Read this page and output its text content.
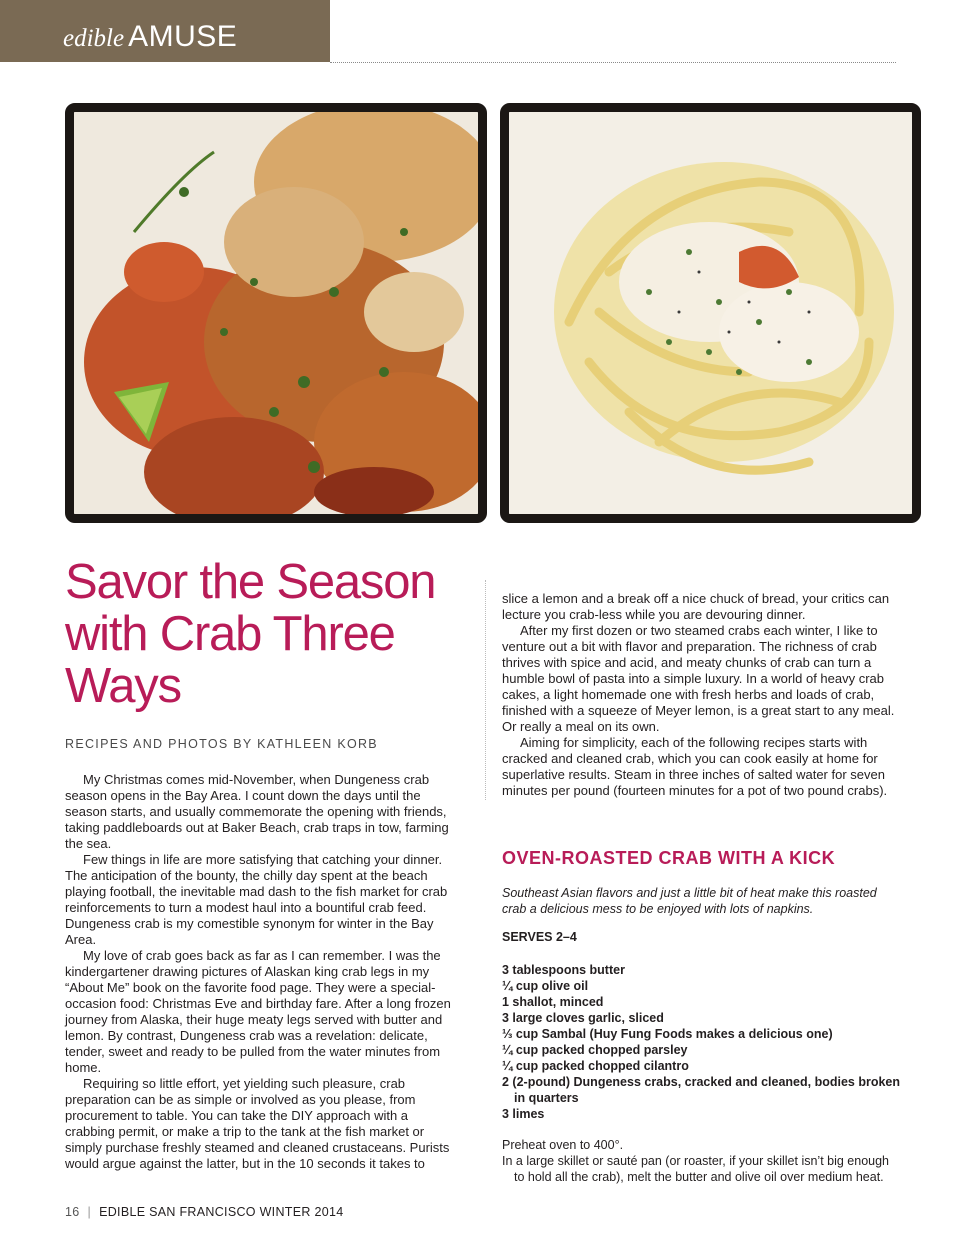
edible AMUSE
Savor the Season with Crab Three Ways
RECIPES AND PHOTOS BY KATHLEEN KORB

My Christmas comes mid-November, when Dungeness crab season opens in the Bay Area. I count down the days until the season starts, and usually commemorate the opening with friends, taking paddleboards out at Baker Beach, crab traps in tow, farming the sea.

Few things in life are more satisfying that catching your dinner. The anticipation of the bounty, the chilly day spent at the beach playing football, the inevitable mad dash to the fish market for crab reinforcements to turn a modest haul into a bountiful crab feed. Dungeness crab is my comestible synonym for winter in the Bay Area.

My love of crab goes back as far as I can remember. I was the kindergartener drawing pictures of Alaskan king crab legs in my “About Me” book on the favorite food page. They were a special-occasion food: Christmas Eve and birthday fare. After a long frozen journey from Alaska, their huge meaty legs served with butter and lemon. By contrast, Dungeness crab was a revelation: delicate, tender, sweet and ready to be pulled from the water minutes from home.

Requiring so little effort, yet yielding such pleasure, crab preparation can be as simple or involved as you please, from procurement to table. You can take the DIY approach with a crabbing permit, or make a trip to the tank at the fish market or simply purchase freshly steamed and cleaned crustaceans. Purists would argue against the latter, but in the 10 seconds it takes to

slice a lemon and a break off a nice chuck of bread, your critics can lecture you crab-less while you are devouring dinner.

After my first dozen or two steamed crabs each winter, I like to venture out a bit with flavor and preparation. The richness of crab thrives with spice and acid, and meaty chunks of crab can turn a humble bowl of pasta into a simple luxury. In a world of heavy crab cakes, a light homemade one with fresh herbs and loads of crab, finished with a squeeze of Meyer lemon, is a great start to any meal. Or really a meal on its own.

Aiming for simplicity, each of the following recipes starts with cracked and cleaned crab, which you can cook easily at home for superlative results. Steam in three inches of salted water for seven minutes per pound (fourteen minutes for a pot of two pound crabs).

OVEN-ROASTED CRAB WITH A KICK

Southeast Asian flavors and just a little bit of heat make this roasted crab a delicious mess to be enjoyed with lots of napkins.

SERVES 2–4
3 tablespoons butter
¼ cup olive oil
1 shallot, minced
3 large cloves garlic, sliced
⅓ cup Sambal (Huy Fung Foods makes a delicious one)
¼ cup packed chopped parsley
¼ cup packed chopped cilantro
2 (2-pound) Dungeness crabs, cracked and cleaned, bodies broken in quarters
3 limes

Preheat oven to 400°.

In a large skillet or sauté pan (or roaster, if your skillet isn’t big enough to hold all the crab), melt the butter and olive oil over medium heat.

16 | EDIBLE SAN FRANCISCO WINTER 2014
